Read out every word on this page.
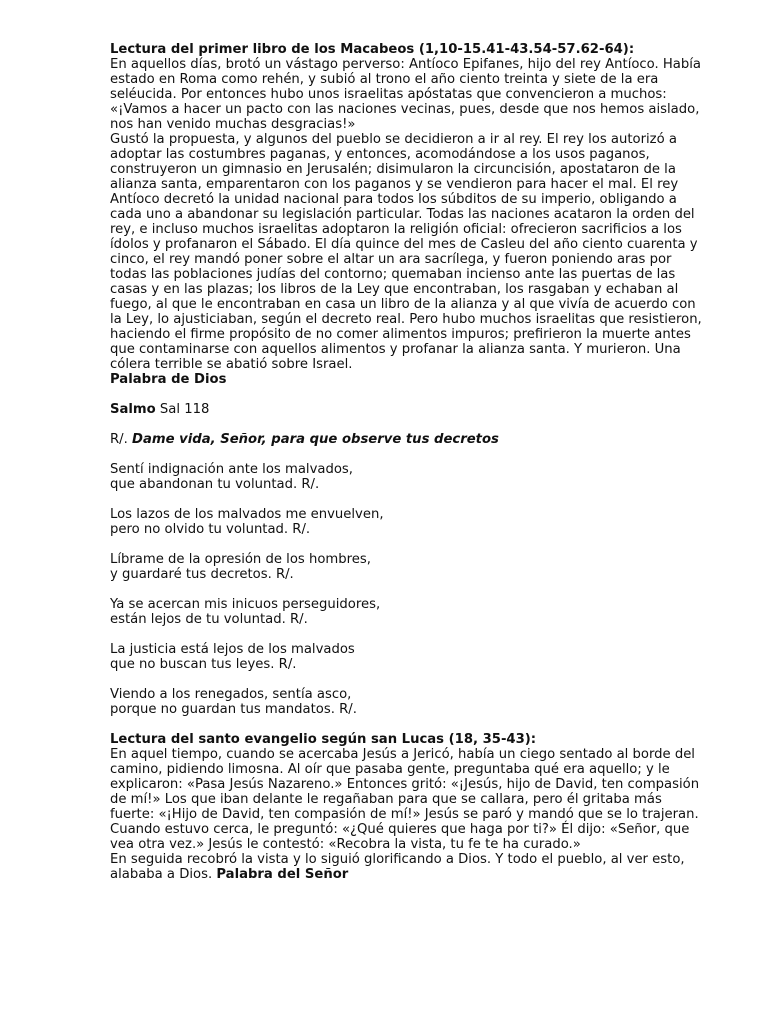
Lectura del primer libro de los Macabeos (1,10-15.41-43.54-57.62-64):

En aquellos días, brotó un vástago perverso: Antíoco Epifanes, hijo del rey Antíoco. Había estado en Roma como rehén, y subió al trono el año ciento treinta y siete de la era seléucida. Por entonces hubo unos israelitas apóstatas que convencieron a muchos: «¡Vamos a hacer un pacto con las naciones vecinas, pues, desde que nos hemos aislado, nos han venido muchas desgracias!»

Gustó la propuesta, y algunos del pueblo se decidieron a ir al rey. El rey los autorizó a adoptar las costumbres paganas, y entonces, acomodándose a los usos paganos, construyeron un gimnasio en Jerusalén; disimularon la circuncisión, apostataron de la alianza santa, emparentaron con los paganos y se vendieron para hacer el mal. El rey Antíoco decretó la unidad nacional para todos los súbditos de su imperio, obligando a cada uno a abandonar su legislación particular. Todas las naciones acataron la orden del rey, e incluso muchos israelitas adoptaron la religión oficial: ofrecieron sacrificios a los ídolos y profanaron el Sábado. El día quince del mes de Casleu del año ciento cuarenta y cinco, el rey mandó poner sobre el altar un ara sacrílega, y fueron poniendo aras por todas las poblaciones judías del contorno; quemaban incienso ante las puertas de las casas y en las plazas; los libros de la Ley que encontraban, los rasgaban y echaban al fuego, al que le encontraban en casa un libro de la alianza y al que vivía de acuerdo con la Ley, lo ajusticiaban, según el decreto real. Pero hubo muchos israelitas que resistieron, haciendo el firme propósito de no comer alimentos impuros; prefirieron la muerte antes que contaminarse con aquellos alimentos y profanar la alianza santa. Y murieron. Una cólera terrible se abatió sobre Israel.

Palabra de Dios

Salmo Sal 118

R/. Dame vida, Señor, para que observe tus decretos

Sentí indignación ante los malvados,

que abandonan tu voluntad. R/.

Los lazos de los malvados me envuelven,

pero no olvido tu voluntad. R/.

Líbrame de la opresión de los hombres,

y guardaré tus decretos. R/.

Ya se acercan mis inicuos perseguidores,

están lejos de tu voluntad. R/.

La justicia está lejos de los malvados

que no buscan tus leyes. R/.

Viendo a los renegados, sentía asco,

porque no guardan tus mandatos. R/.

Lectura del santo evangelio según san Lucas (18, 35-43):

En aquel tiempo, cuando se acercaba Jesús a Jericó, había un ciego sentado al borde del camino, pidiendo limosna. Al oír que pasaba gente, preguntaba qué era aquello; y le explicaron: «Pasa Jesús Nazareno.» Entonces gritó: «¡Jesús, hijo de David, ten compasión de mí!» Los que iban delante le regañaban para que se callara, pero él gritaba más fuerte: «¡Hijo de David, ten compasión de mí!» Jesús se paró y mandó que se lo trajeran.

Cuando estuvo cerca, le preguntó: «¿Qué quieres que haga por ti?» Él dijo: «Señor, que vea otra vez.» Jesús le contestó: «Recobra la vista, tu fe te ha curado.»

En seguida recobró la vista y lo siguió glorificando a Dios. Y todo el pueblo, al ver esto, alababa a Dios. Palabra del Señor
